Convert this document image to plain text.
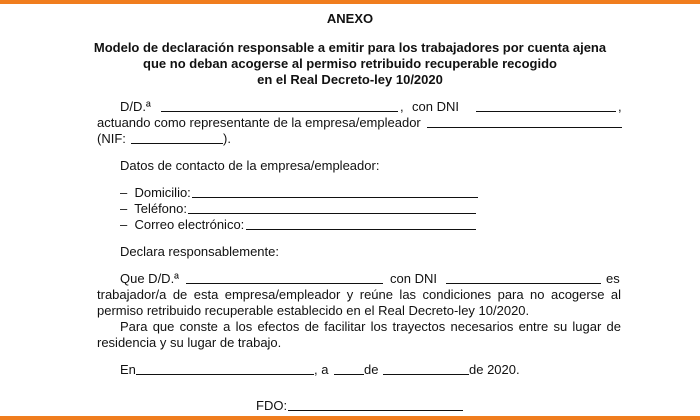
ANEXO
Modelo de declaración responsable a emitir para los trabajadores por cuenta ajena
que no deban acogerse al permiso retribuido recuperable recogido
en el Real Decreto-ley 10/2020
D/D.ª	, con DNI	,
actuando como representante de la empresa/empleador
(NIF:	).
Datos de contacto de la empresa/empleador:
–  Domicilio:
–  Teléfono:
–  Correo electrónico:
Declara responsablemente:
Que D/D.ª	con DNI	es
trabajador/a de esta empresa/empleador y reúne las condiciones para no acogerse al
permiso retribuido recuperable establecido en el Real Decreto-ley 10/2020.
Para que conste a los efectos de facilitar los trayectos necesarios entre su lugar de
residencia y su lugar de trabajo.
En	, a	de	de 2020.
FDO:
